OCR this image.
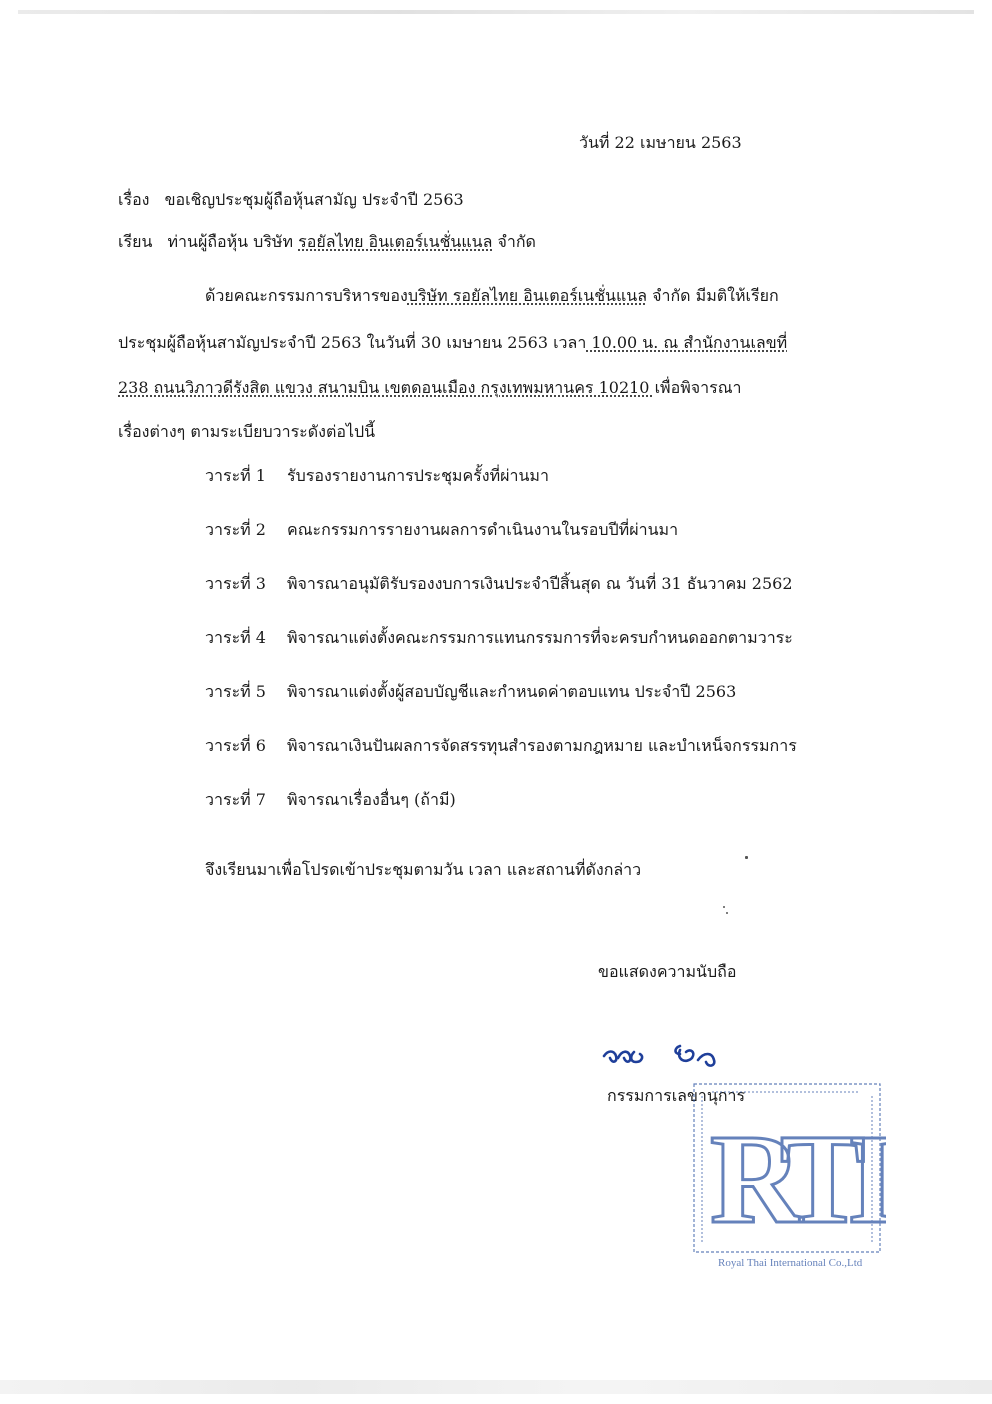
วันที่ 22 เมษายน 2563
เรื่อง ขอเชิญประชุมผู้ถือหุ้นสามัญ ประจำปี 2563
เรียน ท่านผู้ถือหุ้น บริษัท รอยัลไทย อินเตอร์เนชั่นแนล จำกัด
ด้วยคณะกรรมการบริหารของบริษัท รอยัลไทย อินเตอร์เนชั่นแนล จำกัด มีมติให้เรียก
ประชุมผู้ถือหุ้นสามัญประจำปี 2563 ในวันที่ 30 เมษายน 2563 เวลา 10.00 น. ณ สำนักงานเลขที่
238 ถนนวิภาวดีรังสิต แขวง สนามบิน เขตดอนเมือง กรุงเทพมหานคร 10210 เพื่อพิจารณา
เรื่องต่างๆ ตามระเบียบวาระดังต่อไปนี้
วาระที่ 1 รับรองรายงานการประชุมครั้งที่ผ่านมา
วาระที่ 2 คณะกรรมการรายงานผลการดำเนินงานในรอบปีที่ผ่านมา
วาระที่ 3 พิจารณาอนุมัติรับรองงบการเงินประจำปีสิ้นสุด ณ วันที่ 31 ธันวาคม 2562
วาระที่ 4 พิจารณาแต่งตั้งคณะกรรมการแทนกรรมการที่จะครบกำหนดออกตามวาระ
วาระที่ 5 พิจารณาแต่งตั้งผู้สอบบัญชีและกำหนดค่าตอบแทน ประจำปี 2563
วาระที่ 6 พิจารณาเงินปันผลการจัดสรรทุนสำรองตามกฎหมาย และบำเหน็จกรรมการ
วาระที่ 7 พิจารณาเรื่องอื่นๆ (ถ้ามี)
จึงเรียนมาเพื่อโปรดเข้าประชุมตามวัน เวลา และสถานที่ดังกล่าว
ขอแสดงความนับถือ
กรรมการเลขานุการ
RTI
Royal Thai International Co.,Ltd
